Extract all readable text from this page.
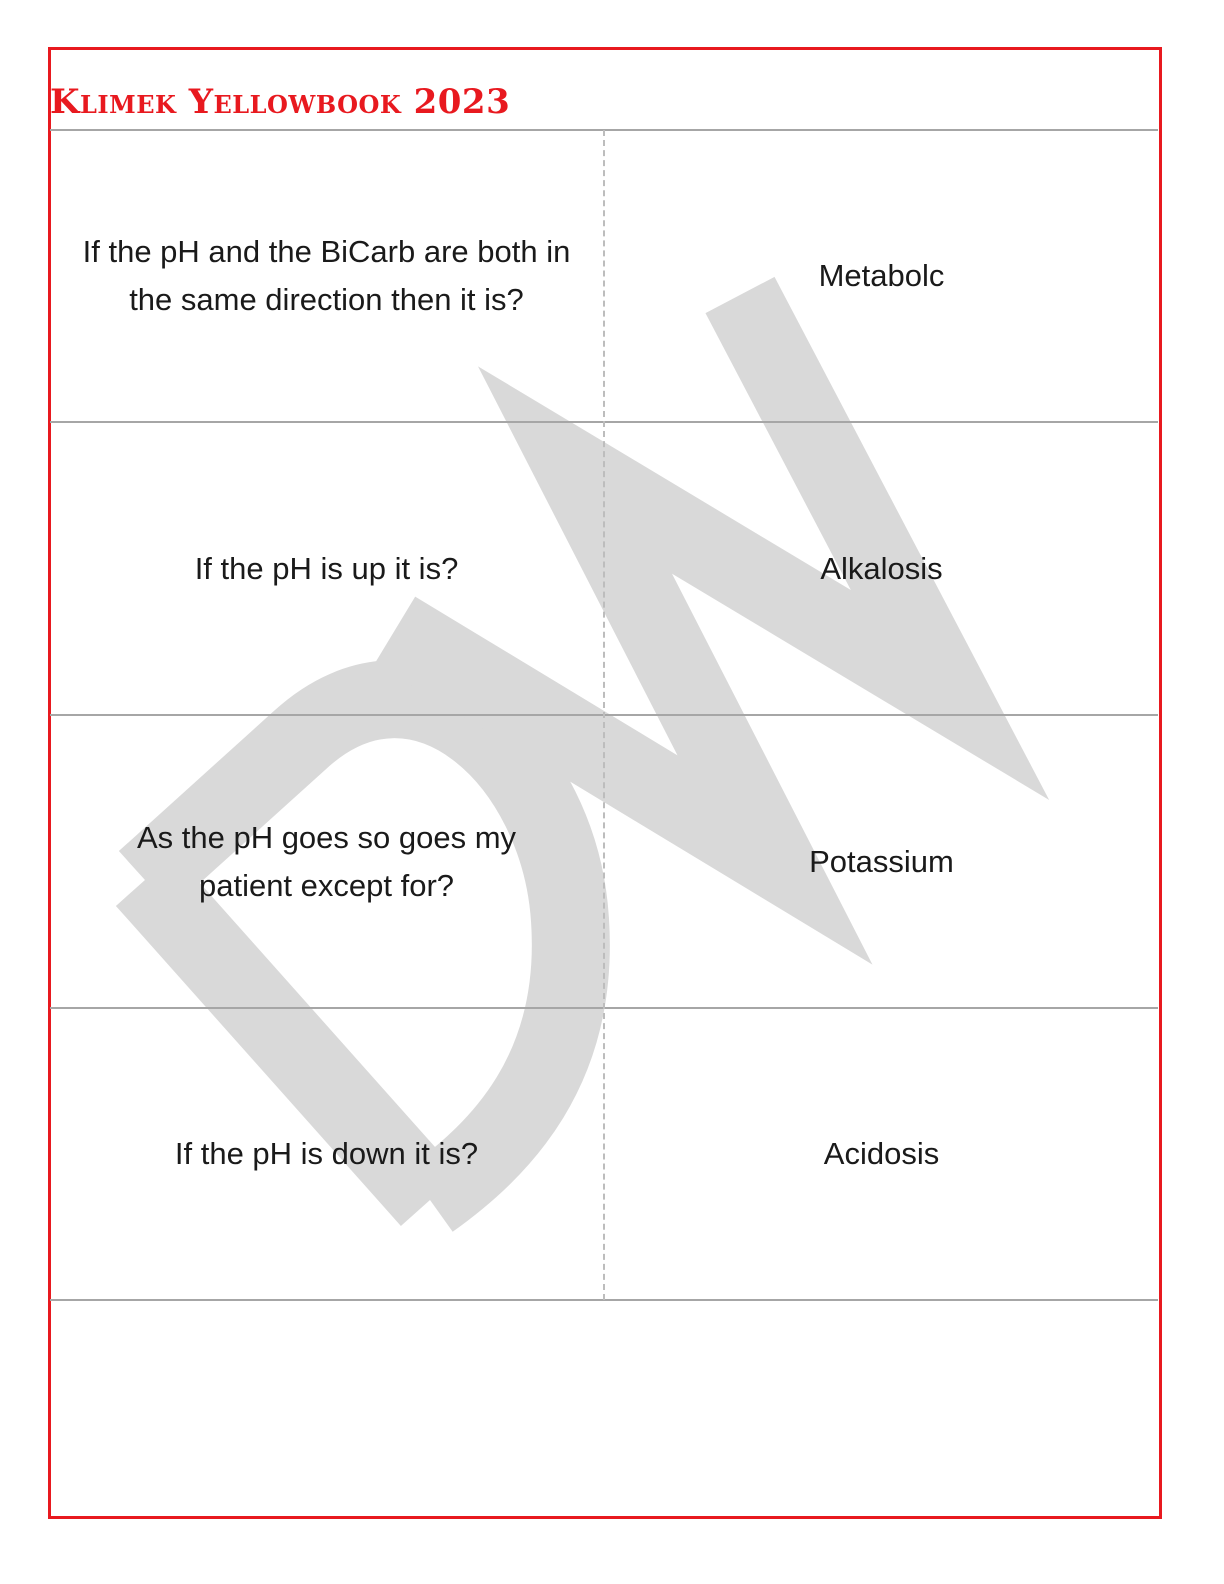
Klimek Yellowbook 2023
If the pH and the BiCarb are both in the same direction then it is?
Metabolc
If the pH is up it is?	Alkalosis
As the pH goes so goes my patient except for?
Potassium
If the pH is down it is?	Acidosis
